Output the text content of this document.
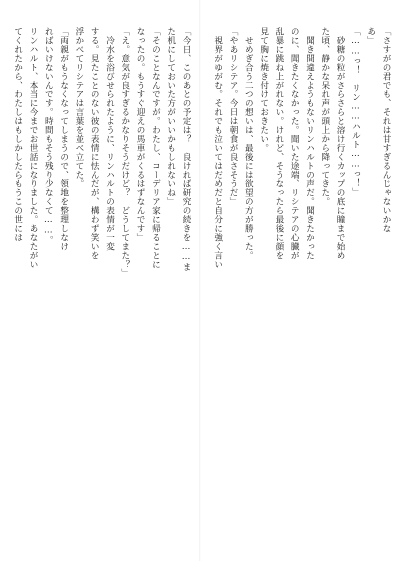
「さすがの君でも、それは甘すぎるんじゃないかな
あ」
「……っ！　リン……ハルト……っ！」
　砂糖の粒がさらさらと溶け行くカップの底に瞳まで始め
た頃、静かな呆れ声が頭上から降ってきた。
　聞き間違えようもないリンハルトの声だ。聞きたかった
のに、聞きたくなかった。聞いた途端、リシテアの心臓が
乱暴に跳ね上がれない。けれど、そうなったら最後に顔を
見て胸に焼き付けておきたい。
　せめぎ合う二つの想いは、最後には欲望の方が勝った。
「やあリシテア。今日は朝食が良さそうだ」
　視界がゆがむ。それでも泣いてはだめだと自分に強く言い
「今日、このあとの予定は？　良ければ研究の続きを……ま
た机にしておいた方がいいかもしれないね」
「そのことなんですが。わたし、コーデリア家に帰ることに
なったの。もうすぐ迎えの馬車がくるはずなんです」
「え。意気が良すぎるかなりそうだけど？　どうしてまた？」
　冷水を浴びせられたように、リンハルトの表情が一変
する。見たことのない彼の表情に怯んだが、構わず笑いを
浮かべてリシテアは言葉を並べ立てた。
「両親がもうなくなってしまうので、領地を整理しなけ
ればいけないんです。時間もそう残り少なくて……。
リンハルト、本当に今までお世話になりました。あなたがい
てくれたから、わたしはもしかしたらもうこの世には
